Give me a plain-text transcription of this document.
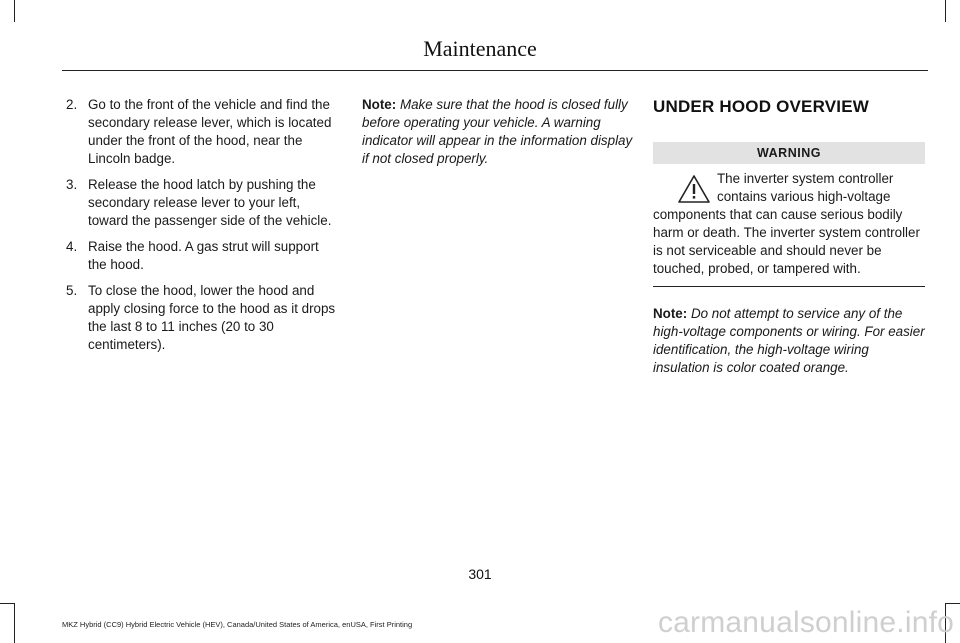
Maintenance
2. Go to the front of the vehicle and find the secondary release lever, which is located under the front of the hood, near the Lincoln badge.
3. Release the hood latch by pushing the secondary release lever to your left, toward the passenger side of the vehicle.
4. Raise the hood. A gas strut will support the hood.
5. To close the hood, lower the hood and apply closing force to the hood as it drops the last 8 to 11 inches (20 to 30 centimeters).

Note: Make sure that the hood is closed fully before operating your vehicle. A warning indicator will appear in the information display if not closed properly.

UNDER HOOD OVERVIEW
WARNING
The inverter system controller contains various high-voltage components that can cause serious bodily harm or death. The inverter system controller is not serviceable and should never be touched, probed, or tampered with.

Note: Do not attempt to service any of the high-voltage components or wiring. For easier identification, the high-voltage wiring insulation is color coated orange.

301
MKZ Hybrid (CC9) Hybrid Electric Vehicle (HEV), Canada/United States of America, enUSA, First Printing	carmanualsonline.info
